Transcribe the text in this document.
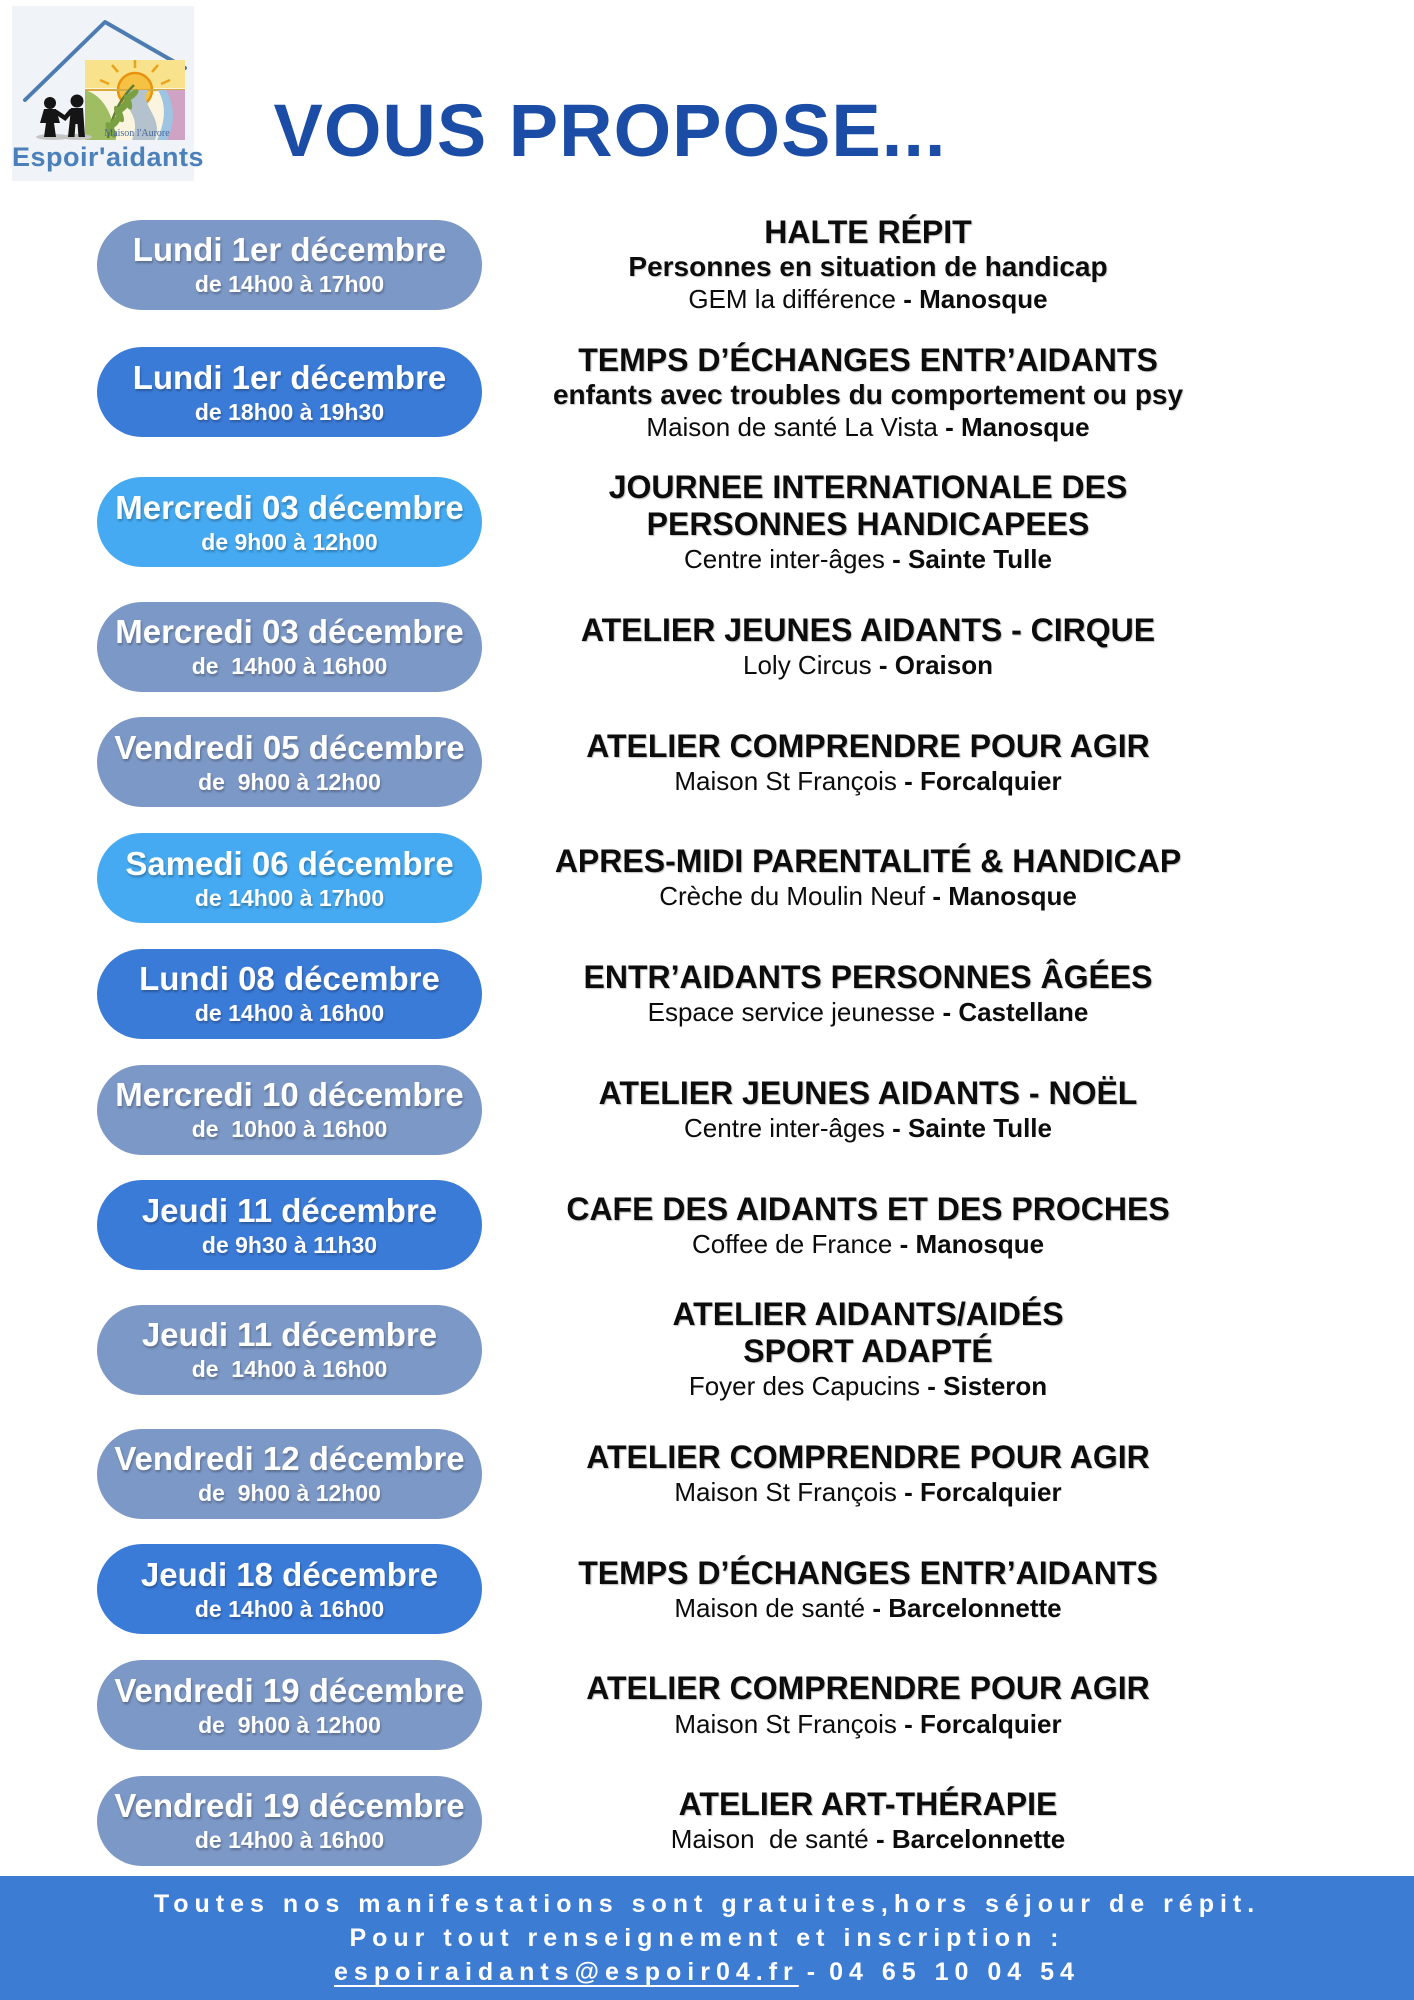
Maison l'Aurore
Espoir'aidants VOUS PROPOSE...
Lundi 1er décembre
de 14h00 à 17h00
HALTE RÉPIT
Personnes en situation de handicap
GEM la différence - Manosque
Lundi 1er décembre
de 18h00 à 19h30
TEMPS D’ÉCHANGES ENTR’AIDANTS
enfants avec troubles du comportement ou psy
Maison de santé La Vista - Manosque
Mercredi 03 décembre
de 9h00 à 12h00
JOURNEE INTERNATIONALE DES
PERSONNES HANDICAPEES
Centre inter-âges - Sainte Tulle
Mercredi 03 décembre
de  14h00 à 16h00
ATELIER JEUNES AIDANTS - CIRQUE
Loly Circus - Oraison
Vendredi 05 décembre
de  9h00 à 12h00
ATELIER COMPRENDRE POUR AGIR
Maison St François - Forcalquier
Samedi 06 décembre
de 14h00 à 17h00
APRES-MIDI PARENTALITÉ & HANDICAP
Crèche du Moulin Neuf - Manosque
Lundi 08 décembre
de 14h00 à 16h00
ENTR’AIDANTS PERSONNES ÂGÉES
Espace service jeunesse - Castellane
Mercredi 10 décembre
de  10h00 à 16h00
ATELIER JEUNES AIDANTS - NOËL
Centre inter-âges - Sainte Tulle
Jeudi 11 décembre
de 9h30 à 11h30
CAFE DES AIDANTS ET DES PROCHES
Coffee de France - Manosque
Jeudi 11 décembre
de  14h00 à 16h00
ATELIER AIDANTS/AIDÉS
SPORT ADAPTÉ
Foyer des Capucins - Sisteron
Vendredi 12 décembre
de  9h00 à 12h00
ATELIER COMPRENDRE POUR AGIR
Maison St François - Forcalquier
Jeudi 18 décembre
de 14h00 à 16h00
TEMPS D’ÉCHANGES ENTR’AIDANTS
Maison de santé - Barcelonnette
Vendredi 19 décembre
de  9h00 à 12h00
ATELIER COMPRENDRE POUR AGIR
Maison St François - Forcalquier
Vendredi 19 décembre
de 14h00 à 16h00
ATELIER ART-THÉRAPIE
Maison  de santé - Barcelonnette
Toutes nos manifestations sont gratuites,hors séjour de répit.
Pour tout renseignement et inscription :
espoiraidants@espoir04.fr - 04 65 10 04 54
